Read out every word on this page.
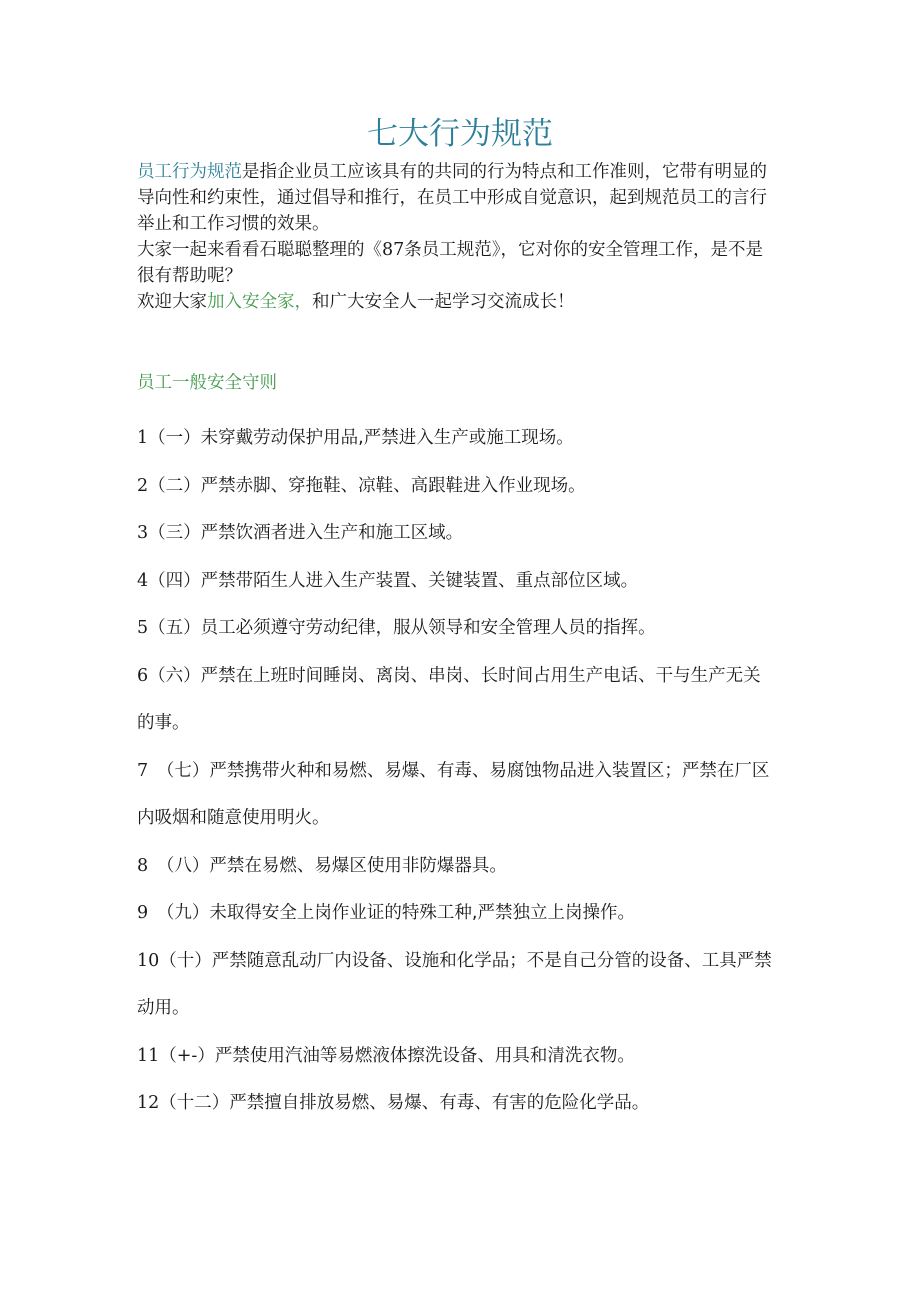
七大行为规范

员工行为规范是指企业员工应该具有的共同的行为特点和工作准则，它带有明显的导向性和约束性，通过倡导和推行，在员工中形成自觉意识，起到规范员工的言行举止和工作习惯的效果。

大家一起来看看石聪聪整理的《87条员工规范》，它对你的安全管理工作，是不是很有帮助呢？

欢迎大家加入安全家，和广大安全人一起学习交流成长！

员工一般安全守则
1（一）未穿戴劳动保护用品,严禁进入生产或施工现场。
2（二）严禁赤脚、穿拖鞋、凉鞋、高跟鞋进入作业现场。
3（三）严禁饮酒者进入生产和施工区域。
4（四）严禁带陌生人进入生产装置、关键装置、重点部位区域。
5（五）员工必须遵守劳动纪律，服从领导和安全管理人员的指挥。
6（六）严禁在上班时间睡岗、离岗、串岗、长时间占用生产电话、干与生产无关的事。
7　（七）严禁携带火种和易燃、易爆、有毒、易腐蚀物品进入装置区；严禁在厂区内吸烟和随意使用明火。
8　（八）严禁在易燃、易爆区使用非防爆器具。
9　（九）未取得安全上岗作业证的特殊工种,严禁独立上岗操作。
10（十）严禁随意乱动厂内设备、设施和化学品；不是自己分管的设备、工具严禁动用。
11（+-）严禁使用汽油等易燃液体擦洗设备、用具和清洗衣物。
12（十二）严禁擅自排放易燃、易爆、有毒、有害的危险化学品。
